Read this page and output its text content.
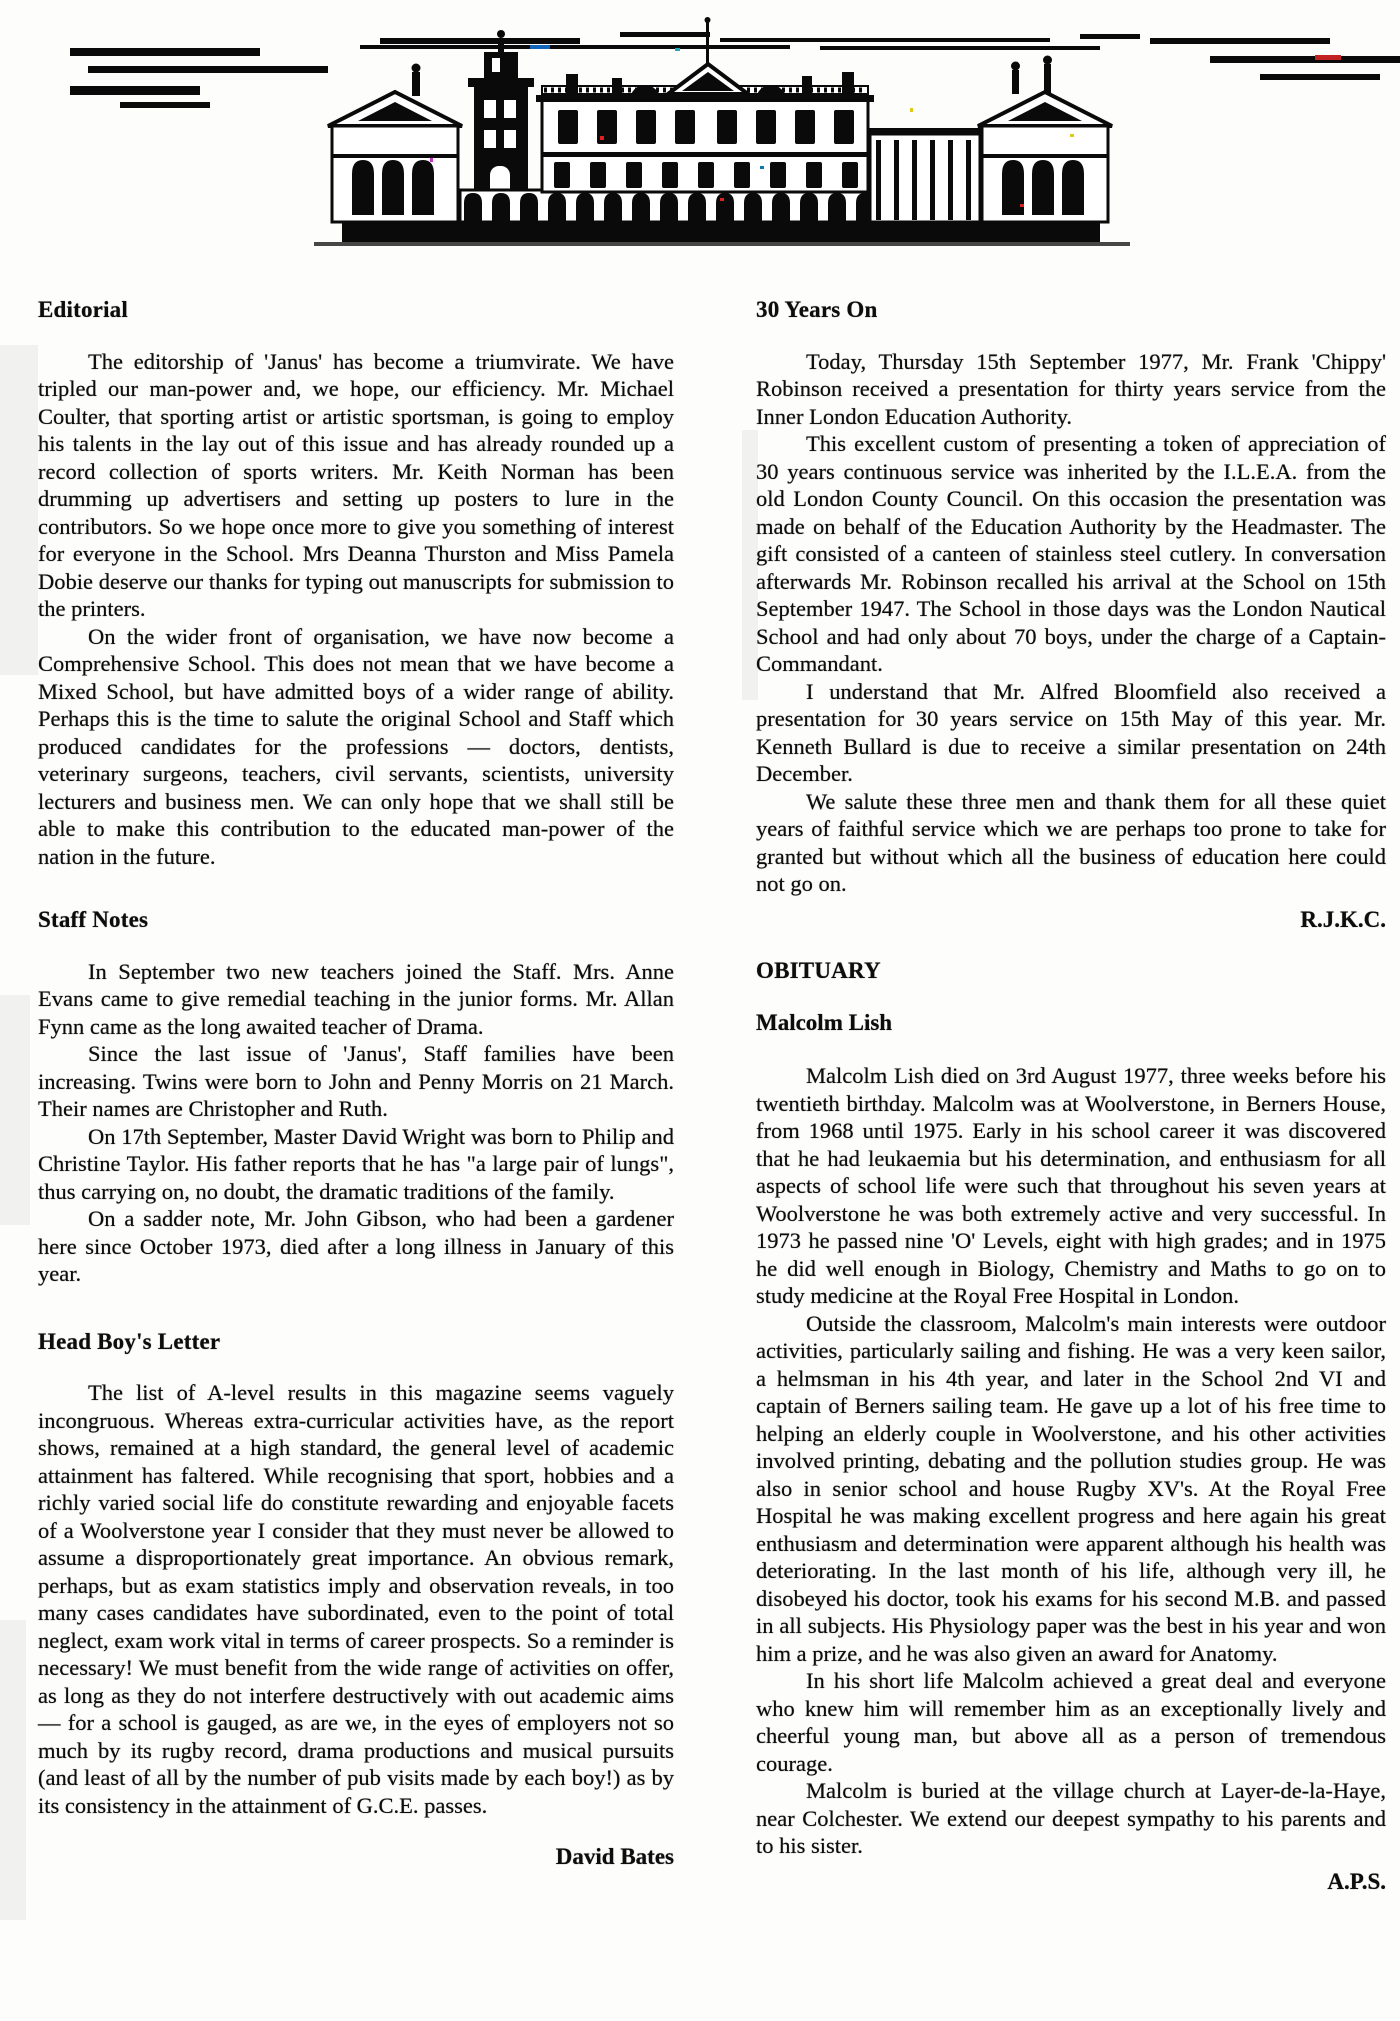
Editorial

The editorship of 'Janus' has become a triumvirate. We have tripled our man-power and, we hope, our efficiency. Mr. Michael Coulter, that sporting artist or artistic sportsman, is going to employ his talents in the lay out of this issue and has already rounded up a record collection of sports writers. Mr. Keith Norman has been drumming up advertisers and setting up posters to lure in the contributors. So we hope once more to give you something of interest for everyone in the School. Mrs Deanna Thurston and Miss Pamela Dobie deserve our thanks for typing out manuscripts for submission to the printers.

On the wider front of organisation, we have now become a Comprehensive School. This does not mean that we have become a Mixed School, but have admitted boys of a wider range of ability. Perhaps this is the time to salute the original School and Staff which produced candidates for the professions — doctors, dentists, veterinary surgeons, teachers, civil servants, scientists, university lecturers and business men. We can only hope that we shall still be able to make this contribution to the educated man-power of the nation in the future.

Staff Notes

In September two new teachers joined the Staff. Mrs. Anne Evans came to give remedial teaching in the junior forms. Mr. Allan Fynn came as the long awaited teacher of Drama.

Since the last issue of 'Janus', Staff families have been increasing. Twins were born to John and Penny Morris on 21 March. Their names are Christopher and Ruth.

On 17th September, Master David Wright was born to Philip and Christine Taylor. His father reports that he has "a large pair of lungs", thus carrying on, no doubt, the dramatic traditions of the family.

On a sadder note, Mr. John Gibson, who had been a gardener here since October 1973, died after a long illness in January of this year.

Head Boy's Letter

The list of A-level results in this magazine seems vaguely incongruous. Whereas extra-curricular activities have, as the report shows, remained at a high standard, the general level of academic attainment has faltered. While recognising that sport, hobbies and a richly varied social life do constitute rewarding and enjoyable facets of a Woolverstone year I consider that they must never be allowed to assume a disproportionately great importance. An obvious remark, perhaps, but as exam statistics imply and observation reveals, in too many cases candidates have subordinated, even to the point of total neglect, exam work vital in terms of career prospects. So a reminder is necessary! We must benefit from the wide range of activities on offer, as long as they do not interfere destructively with out academic aims — for a school is gauged, as are we, in the eyes of employers not so much by its rugby record, drama productions and musical pursuits (and least of all by the number of pub visits made by each boy!) as by its consistency in the attainment of G.C.E. passes.

David Bates
30 Years On

Today, Thursday 15th September 1977, Mr. Frank 'Chippy' Robinson received a presentation for thirty years service from the Inner London Education Authority.

This excellent custom of presenting a token of appreciation of 30 years continuous service was inherited by the I.L.E.A. from the old London County Council. On this occasion the presentation was made on behalf of the Education Authority by the Headmaster. The gift consisted of a canteen of stainless steel cutlery. In conversation afterwards Mr. Robinson recalled his arrival at the School on 15th September 1947. The School in those days was the London Nautical School and had only about 70 boys, under the charge of a Captain-Commandant.

I understand that Mr. Alfred Bloomfield also received a presentation for 30 years service on 15th May of this year. Mr. Kenneth Bullard is due to receive a similar presentation on 24th December.

We salute these three men and thank them for all these quiet years of faithful service which we are perhaps too prone to take for granted but without which all the business of education here could not go on.

R.J.K.C.
OBITUARY
Malcolm Lish

Malcolm Lish died on 3rd August 1977, three weeks before his twentieth birthday. Malcolm was at Woolverstone, in Berners House, from 1968 until 1975. Early in his school career it was discovered that he had leukaemia but his determination, and enthusiasm for all aspects of school life were such that throughout his seven years at Woolverstone he was both extremely active and very successful. In 1973 he passed nine 'O' Levels, eight with high grades; and in 1975 he did well enough in Biology, Chemistry and Maths to go on to study medicine at the Royal Free Hospital in London.

Outside the classroom, Malcolm's main interests were outdoor activities, particularly sailing and fishing. He was a very keen sailor, a helmsman in his 4th year, and later in the School 2nd VI and captain of Berners sailing team. He gave up a lot of his free time to helping an elderly couple in Woolverstone, and his other activities involved printing, debating and the pollution studies group. He was also in senior school and house Rugby XV's. At the Royal Free Hospital he was making excellent progress and here again his great enthusiasm and determination were apparent although his health was deteriorating. In the last month of his life, although very ill, he disobeyed his doctor, took his exams for his second M.B. and passed in all subjects. His Physiology paper was the best in his year and won him a prize, and he was also given an award for Anatomy.

In his short life Malcolm achieved a great deal and everyone who knew him will remember him as an exceptionally lively and cheerful young man, but above all as a person of tremendous courage.

Malcolm is buried at the village church at Layer-de-la-Haye, near Colchester. We extend our deepest sympathy to his parents and to his sister.

A.P.S.
